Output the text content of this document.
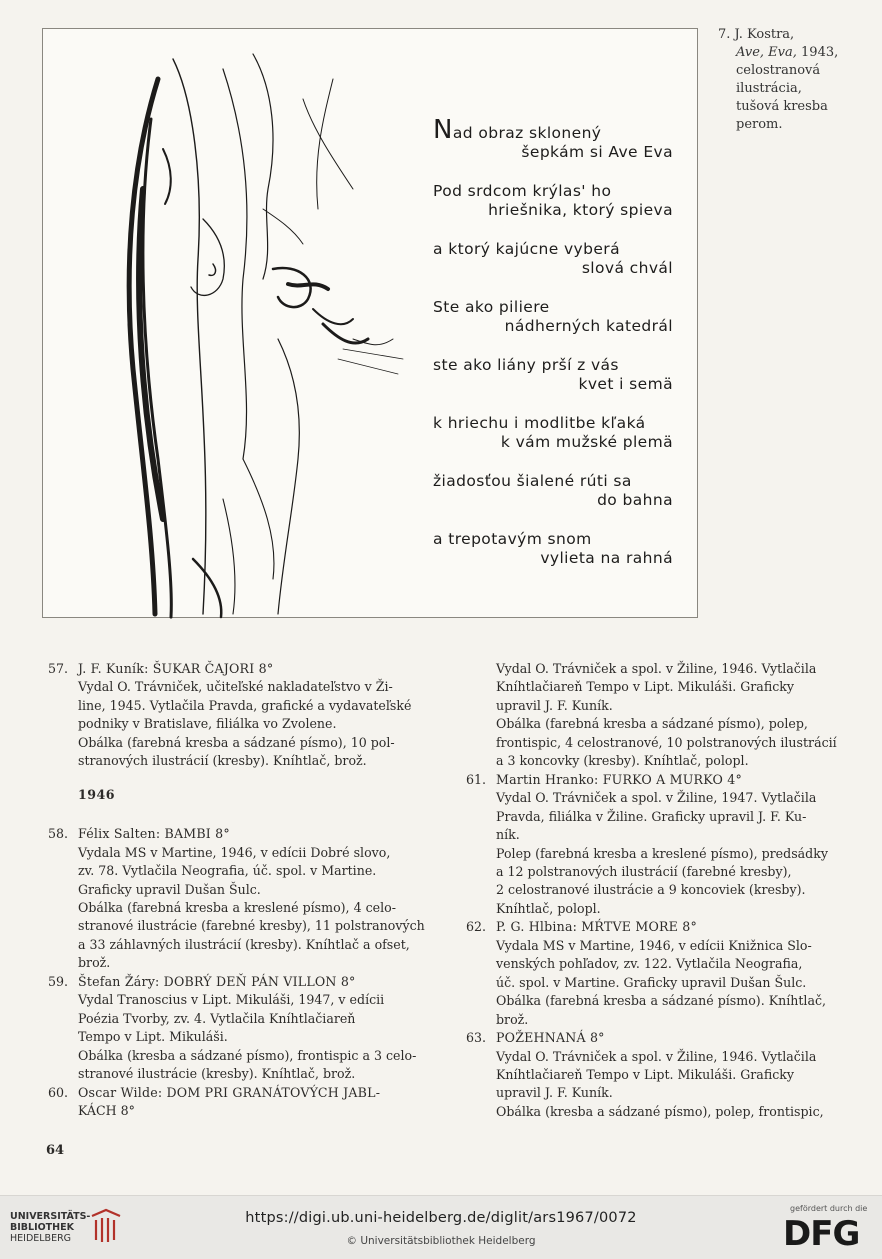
Nad obraz sklonený
šepkám si Ave Eva
Pod srdcom krýlas' ho
hriešnika, ktorý spieva
a ktorý kajúcne vyberá
slová chvál
Ste ako piliere
nádherných katedrál
ste ako liány prší z vás
kvet i semä
k hriechu i modlitbe kľaká
k vám mužské plemä
žiadosťou šialené rúti sa
do bahna
a trepotavým snom
vylieta na rahná
7. J. Kostra,
Ave, Eva, 1943,
celostranová
ilustrácia,
tušová kresba
perom.
57. J. F. Kuník: ŠUKAR ČAJORI 8°

Vydal O. Trávniček, učiteľské nakladateľstvo v Ži-

line, 1945. Vytlačila Pravda, grafické a vydavateľské

podniky v Bratislave, filiálka vo Zvolene.

Obálka (farebná kresba a sádzané písmo), 10 pol-

stranových ilustrácií (kresby). Kníhtlač, brož.

1946
58. Félix Salten: BAMBI 8°

Vydala MS v Martine, 1946, v edícii Dobré slovo,

zv. 78. Vytlačila Neografia, úč. spol. v Martine.

Graficky upravil Dušan Šulc.

Obálka (farebná kresba a kreslené písmo), 4 celo-

stranové ilustrácie (farebné kresby), 11 polstranových

a 33 záhlavných ilustrácií (kresby). Kníhtlač a ofset,

brož.

59. Štefan Žáry: DOBRÝ DEŇ PÁN VILLON 8°

Vydal Tranoscius v Lipt. Mikuláši, 1947, v edícii

Poézia Tvorby, zv. 4. Vytlačila Kníhtlačiareň

Tempo v Lipt. Mikuláši.

Obálka (kresba a sádzané písmo), frontispic a 3 celo-

stranové ilustrácie (kresby). Kníhtlač, brož.

60. Oscar Wilde: DOM PRI GRANÁTOVÝCH JABL-

KÁCH 8°

Vydal O. Trávniček a spol. v Žiline, 1946. Vytlačila

Kníhtlačiareň Tempo v Lipt. Mikuláši. Graficky

upravil J. F. Kuník.

Obálka (farebná kresba a sádzané písmo), polep,

frontispic, 4 celostranové, 10 polstranových ilustrácií

a 3 koncovky (kresby). Kníhtlač, polopl.

61. Martin Hranko: FURKO A MURKO 4°

Vydal O. Trávniček a spol. v Žiline, 1947. Vytlačila

Pravda, filiálka v Žiline. Graficky upravil J. F. Ku-

ník.

Polep (farebná kresba a kreslené písmo), predsádky

a 12 polstranových ilustrácií (farebné kresby),

2 celostranové ilustrácie a 9 koncoviek (kresby).

Kníhtlač, polopl.

62. P. G. Hlbina: MŔTVE MORE 8°

Vydala MS v Martine, 1946, v edícii Knižnica Slo-

venských pohľadov, zv. 122. Vytlačila Neografia,

úč. spol. v Martine. Graficky upravil Dušan Šulc.

Obálka (farebná kresba a sádzané písmo). Kníhtlač,

brož.

63. POŽEHNANÁ 8°

Vydal O. Trávniček a spol. v Žiline, 1946. Vytlačila

Kníhtlačiareň Tempo v Lipt. Mikuláši. Graficky

upravil J. F. Kuník.

Obálka (kresba a sádzané písmo), polep, frontispic,

64
UNIVERSITÄTS-
BIBLIOTHEK
HEIDELBERG
https://digi.ub.uni-heidelberg.de/diglit/ars1967/0072
© Universitätsbibliothek Heidelberg
gefördert durch die
DFG
